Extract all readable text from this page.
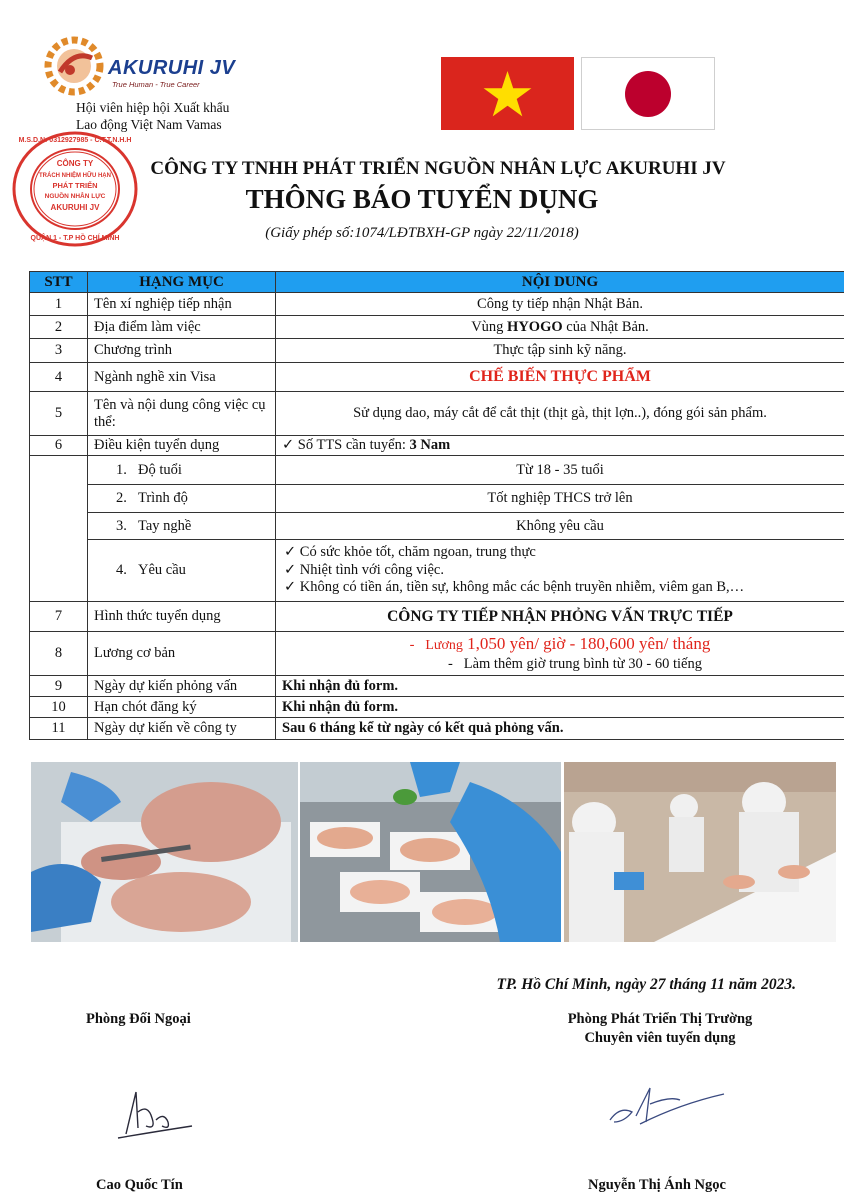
AKURUHI JV
True Human - True Career
Hội viên hiệp hội Xuất khẩu
Lao động Việt Nam Vamas
CÔNG TY
TRÁCH NHIỆM HỮU HẠN
PHÁT TRIỂN
NGUỒN NHÂN LỰC
AKURUHI JV
M.S.D.N: 0312927985 - C.T.T.N.H.H
QUẬN 1 - T.P HỒ CHÍ MINH
CÔNG TY TNHH PHÁT TRIỂN NGUỒN NHÂN LỰC AKURUHI JV
THÔNG BÁO TUYỂN DỤNG
(Giấy phép số:1074/LĐTBXH-GP ngày 22/11/2018)
STT	HẠNG MỤC	NỘI DUNG
1	Tên xí nghiệp tiếp nhận	Công ty tiếp nhận Nhật Bản.
2	Địa điểm làm việc	Vùng HYOGO của Nhật Bản.
3	Chương trình	Thực tập sinh kỹ năng.
4	Ngành nghề xin Visa	CHẾ BIẾN THỰC PHẨM
5	Tên và nội dung công việc cụ thể:	Sử dụng dao, máy cắt để cắt thịt (thịt gà, thịt lợn..), đóng gói sản phẩm.
6	Điều kiện tuyển dụng	✓ Số TTS cần tuyển: 3 Nam
	1. Độ tuổi	Từ 18 - 35 tuổi
	2. Trình độ	Tốt nghiệp THCS trở lên
	3. Tay nghề	Không yêu cầu
	4. Yêu cầu	✓ Có sức khỏe tốt, chăm ngoan, trung thực
✓ Nhiệt tình với công việc.
✓ Không có tiền án, tiền sự, không mắc các bệnh truyền nhiễm, viêm gan B,…

7	Hình thức tuyển dụng	CÔNG TY TIẾP NHẬN PHỎNG VẤN TRỰC TIẾP
8	Lương cơ bản	- Lương 1,050 yên/ giờ - 180,600 yên/ tháng
- Làm thêm giờ trung bình từ 30 - 60 tiếng

9	Ngày dự kiến phỏng vấn	Khi nhận đủ form.
10	Hạn chót đăng ký	Khi nhận đủ form.
11	Ngày dự kiến về công ty	Sau 6 tháng kể từ ngày có kết quả phỏng vấn.
TP. Hồ Chí Minh, ngày 27 tháng 11 năm 2023.
Phòng Đối Ngoại	Phòng Phát Triển Thị Trường
Chuyên viên tuyển dụng
Cao Quốc Tín	Nguyễn Thị Ánh Ngọc
